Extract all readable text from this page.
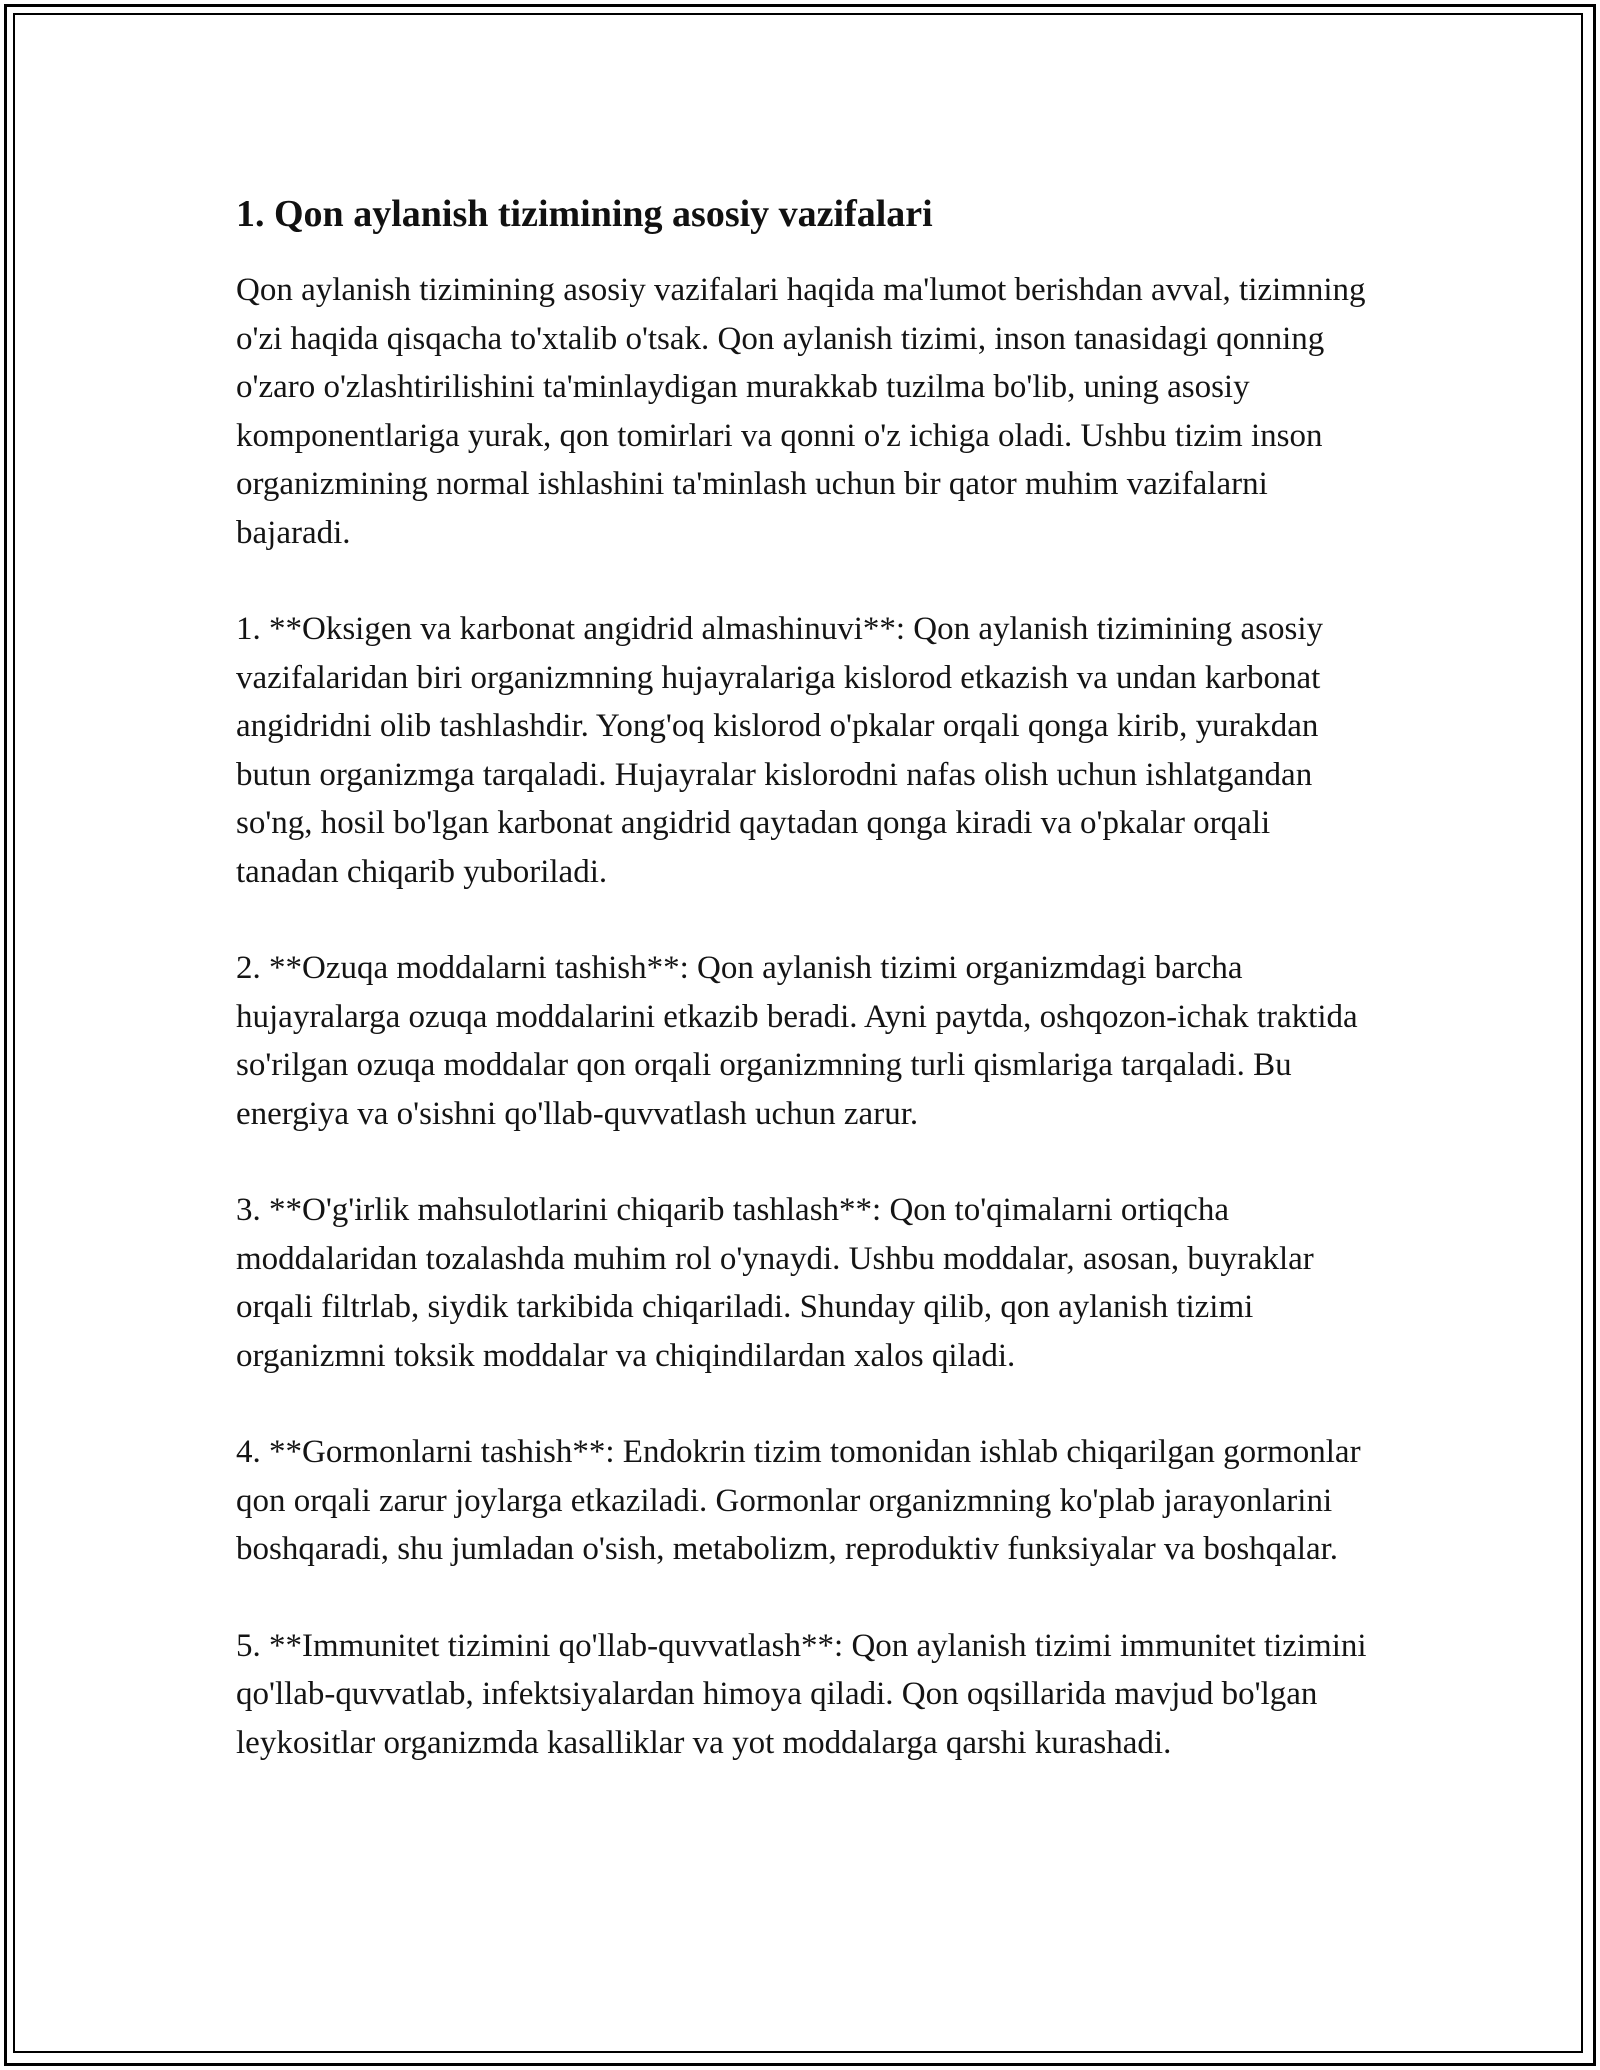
1. Qon aylanish tizimining asosiy vazifalari

Qon aylanish tizimining asosiy vazifalari haqida ma'lumot berishdan avval, tizimning o'zi haqida qisqacha to'xtalib o'tsak. Qon aylanish tizimi, inson tanasidagi qonning o'zaro o'zlashtirilishini ta'minlaydigan murakkab tuzilma bo'lib, uning asosiy komponentlariga yurak, qon tomirlari va qonni o'z ichiga oladi. Ushbu tizim inson organizmining normal ishlashini ta'minlash uchun bir qator muhim vazifalarni bajaradi.

1. **Oksigen va karbonat angidrid almashinuvi**: Qon aylanish tizimining asosiy vazifalaridan biri organizmning hujayralariga kislorod etkazish va undan karbonat angidridni olib tashlashdir. Yong'oq kislorod o'pkalar orqali qonga kirib, yurakdan butun organizmga tarqaladi. Hujayralar kislorodni nafas olish uchun ishlatgandan so'ng, hosil bo'lgan karbonat angidrid qaytadan qonga kiradi va o'pkalar orqali tanadan chiqarib yuboriladi.

2. **Ozuqa moddalarni tashish**: Qon aylanish tizimi organizmdagi barcha hujayralarga ozuqa moddalarini etkazib beradi. Ayni paytda, oshqozon-ichak traktida so'rilgan ozuqa moddalar qon orqali organizmning turli qismlariga tarqaladi. Bu energiya va o'sishni qo'llab-quvvatlash uchun zarur.

3. **O'g'irlik mahsulotlarini chiqarib tashlash**: Qon to'qimalarni ortiqcha moddalaridan tozalashda muhim rol o'ynaydi. Ushbu moddalar, asosan, buyraklar orqali filtrlab, siydik tarkibida chiqariladi. Shunday qilib, qon aylanish tizimi organizmni toksik moddalar va chiqindilardan xalos qiladi.

4. **Gormonlarni tashish**: Endokrin tizim tomonidan ishlab chiqarilgan gormonlar qon orqali zarur joylarga etkaziladi. Gormonlar organizmning ko'plab jarayonlarini boshqaradi, shu jumladan o'sish, metabolizm, reproduktiv funksiyalar va boshqalar.

5. **Immunitet tizimini qo'llab-quvvatlash**: Qon aylanish tizimi immunitet tizimini qo'llab-quvvatlab, infektsiyalardan himoya qiladi. Qon oqsillarida mavjud bo'lgan leykositlar organizmda kasalliklar va yot moddalarga qarshi kurashadi.
